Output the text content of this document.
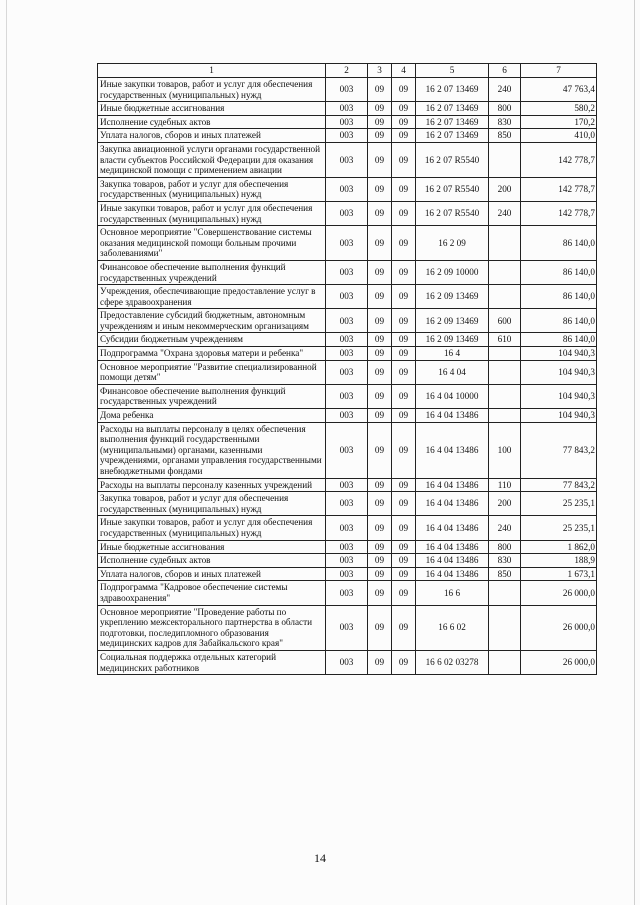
1	2	3	4	5	6	7
Иные закупки товаров, работ и услуг для обеспечения государственных (муниципальных) нужд	003	09	09	16 2 07 13469	240	47 763,4
Иные бюджетные ассигнования	003	09	09	16 2 07 13469	800	580,2
Исполнение судебных актов	003	09	09	16 2 07 13469	830	170,2
Уплата налогов, сборов и иных платежей	003	09	09	16 2 07 13469	850	410,0
Закупка авиационной услуги органами государственной власти субъектов Российской Федерации для оказания медицинской помощи с применением авиации	003	09	09	16 2 07 R5540		142 778,7
Закупка товаров, работ и услуг для обеспечения государственных (муниципальных) нужд	003	09	09	16 2 07 R5540	200	142 778,7
Иные закупки товаров, работ и услуг для обеспечения государственных (муниципальных) нужд	003	09	09	16 2 07 R5540	240	142 778,7
Основное мероприятие "Совершенствование системы оказания медицинской помощи больным прочими заболеваниями"	003	09	09	16 2 09		86 140,0
Финансовое обеспечение выполнения функций государственных учреждений	003	09	09	16 2 09 10000		86 140,0
Учреждения, обеспечивающие предоставление услуг в сфере здравоохранения	003	09	09	16 2 09 13469		86 140,0
Предоставление субсидий бюджетным, автономным учреждениям и иным некоммерческим организациям	003	09	09	16 2 09 13469	600	86 140,0
Субсидии бюджетным учреждениям	003	09	09	16 2 09 13469	610	86 140,0
Подпрограмма "Охрана здоровья матери и ребенка"	003	09	09	16 4		104 940,3
Основное мероприятие "Развитие специализированной помощи детям"	003	09	09	16 4 04		104 940,3
Финансовое обеспечение выполнения функций государственных учреждений	003	09	09	16 4 04 10000		104 940,3
Дома ребенка	003	09	09	16 4 04 13486		104 940,3
Расходы на выплаты персоналу в целях обеспечения выполнения функций государственными (муниципальными) органами, казенными учреждениями, органами управления государственными внебюджетными фондами	003	09	09	16 4 04 13486	100	77 843,2
Расходы на выплаты персоналу казенных учреждений	003	09	09	16 4 04 13486	110	77 843,2
Закупка товаров, работ и услуг для обеспечения государственных (муниципальных) нужд	003	09	09	16 4 04 13486	200	25 235,1
Иные закупки товаров, работ и услуг для обеспечения государственных (муниципальных) нужд	003	09	09	16 4 04 13486	240	25 235,1
Иные бюджетные ассигнования	003	09	09	16 4 04 13486	800	1 862,0
Исполнение судебных актов	003	09	09	16 4 04 13486	830	188,9
Уплата налогов, сборов и иных платежей	003	09	09	16 4 04 13486	850	1 673,1
Подпрограмма "Кадровое обеспечение системы здравоохранения"	003	09	09	16 6		26 000,0
Основное мероприятие "Проведение работы по укреплению межсекторального партнерства в области подготовки, последипломного образования медицинских кадров для Забайкальского края"	003	09	09	16 6 02		26 000,0
Социальная поддержка отдельных категорий медицинских работников	003	09	09	16 6 02 03278		26 000,0
14
